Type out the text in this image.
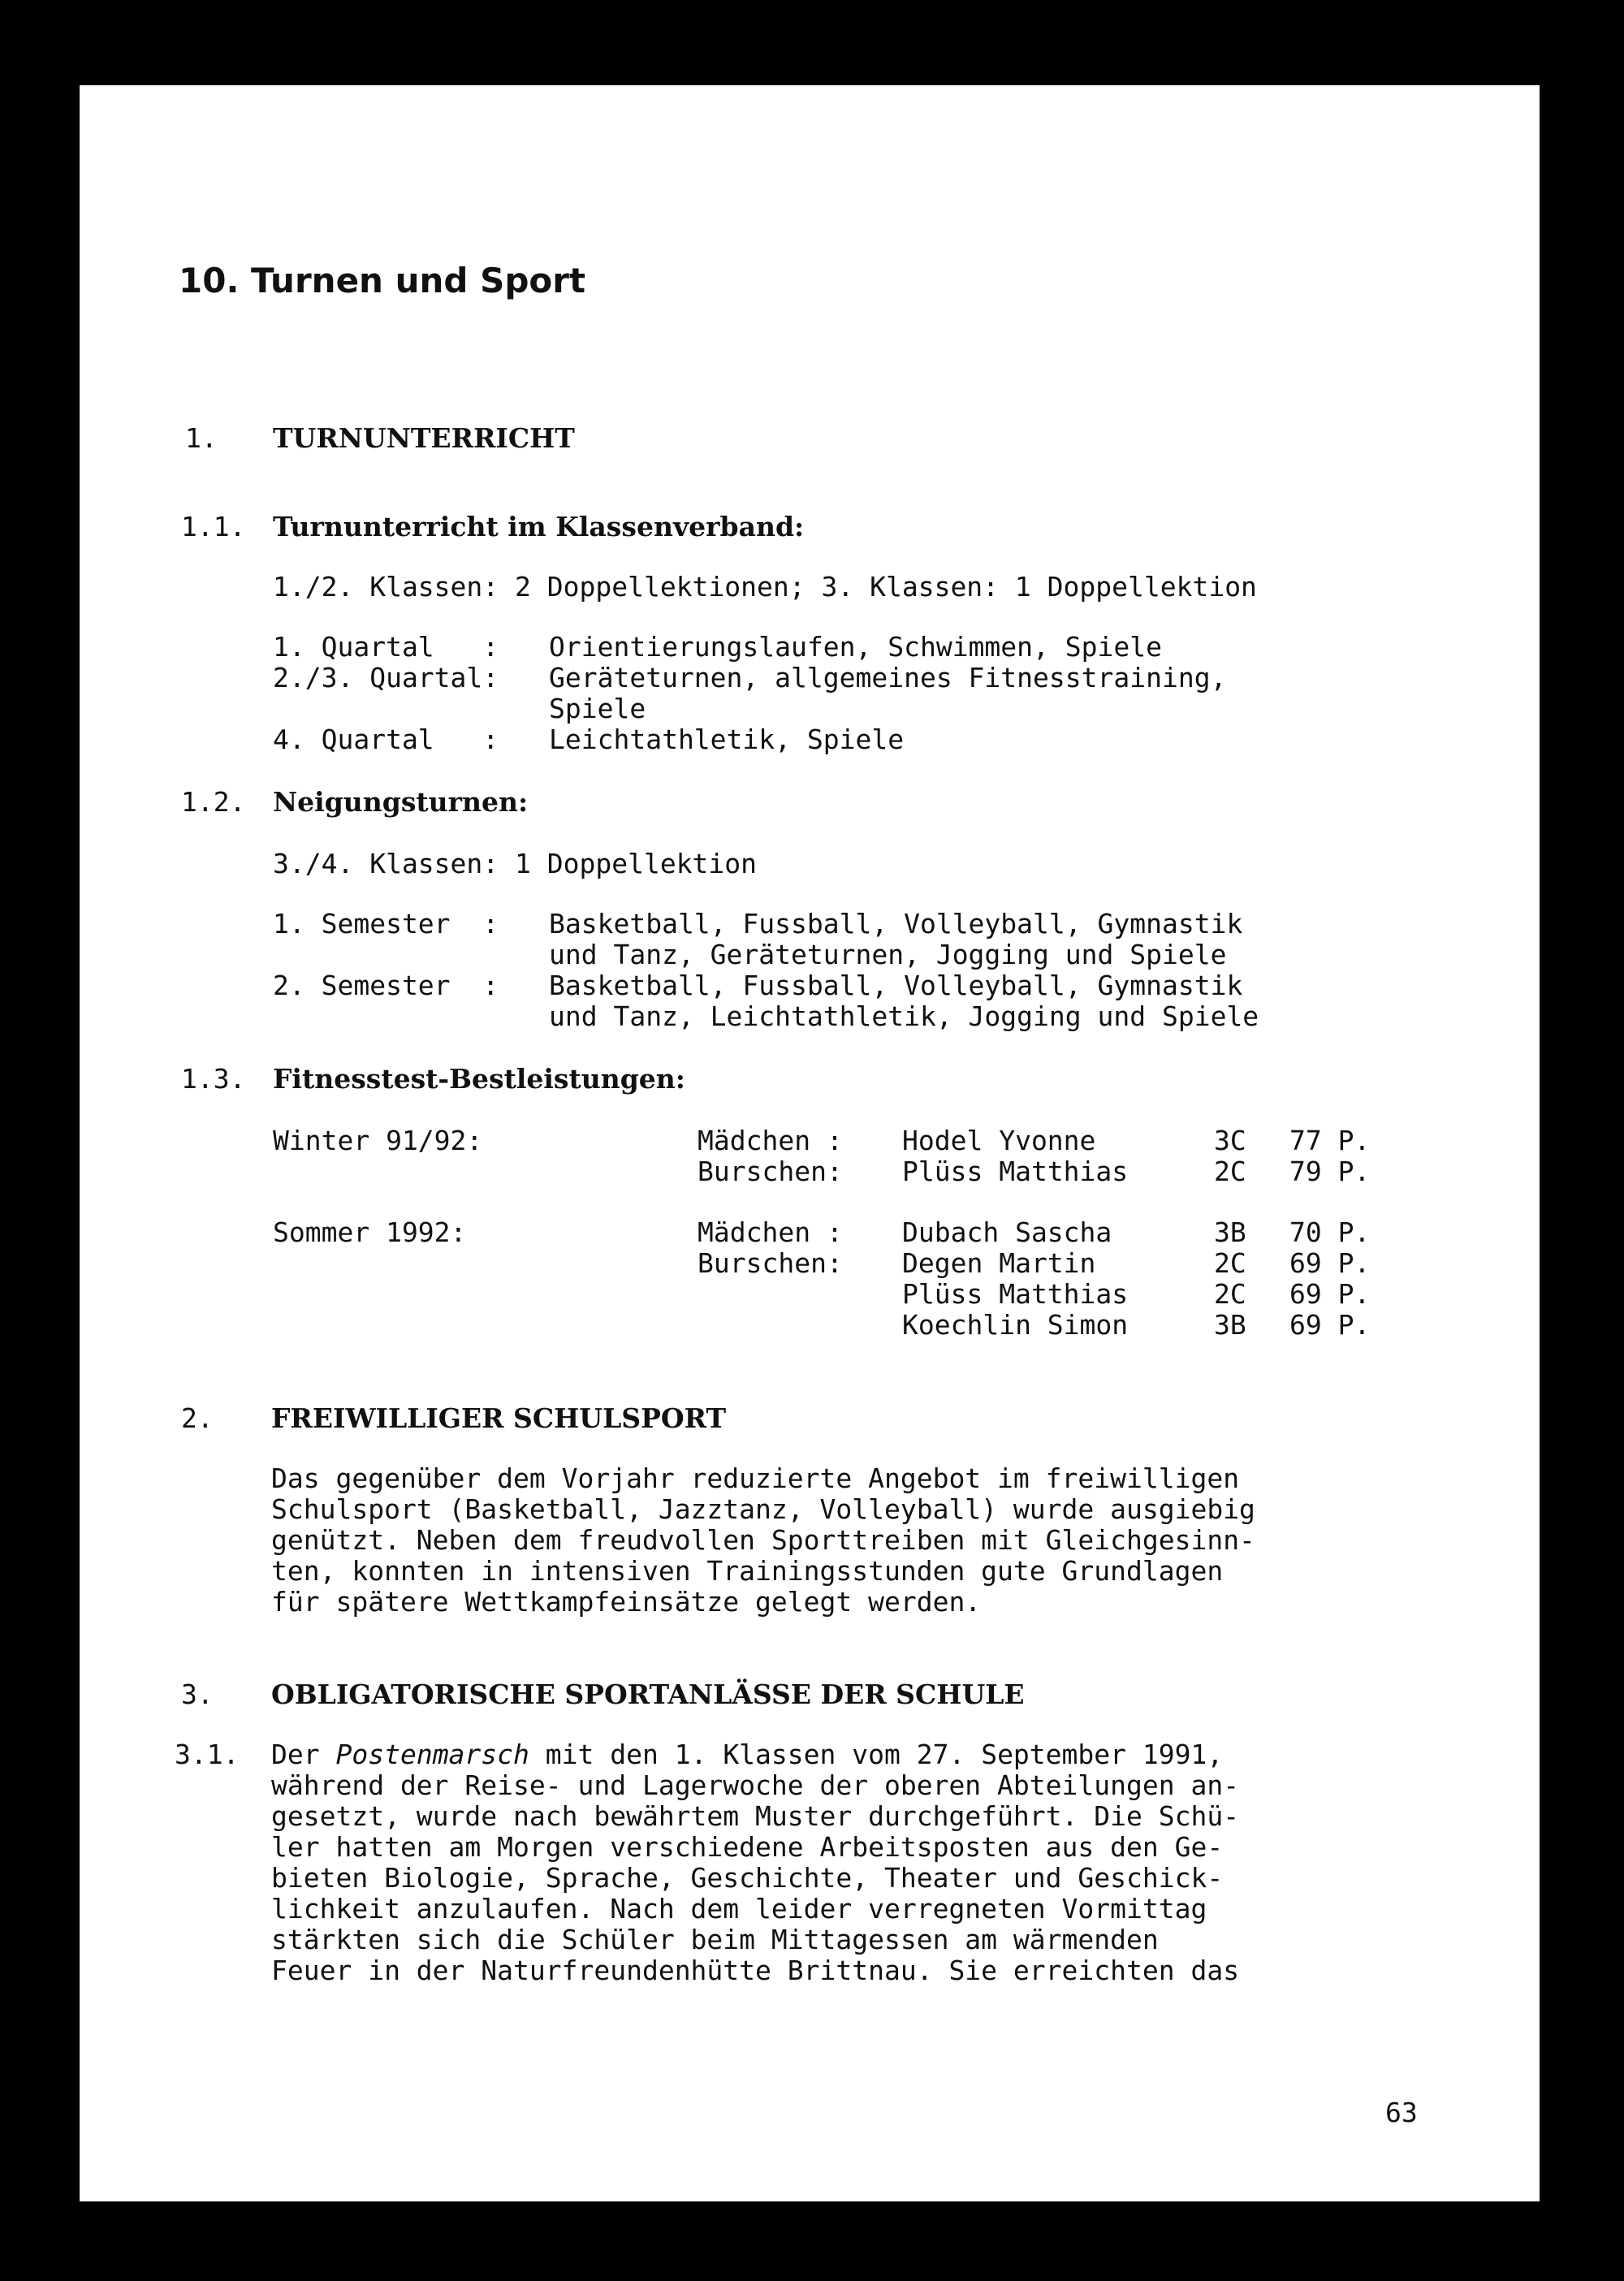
10. Turnen und Sport
1. TURNUNTERRICHT
1.1. Turnunterricht im Klassenverband:
1./2. Klassen: 2 Doppellektionen; 3. Klassen: 1 Doppellektion
1. Quartal   : Orientierungslaufen, Schwimmen, Spiele
2./3. Quartal: Geräteturnen, allgemeines Fitnesstraining,
Spiele
4. Quartal   : Leichtathletik, Spiele
1.2. Neigungsturnen:
3./4. Klassen: 1 Doppellektion
1. Semester  : Basketball, Fussball, Volleyball, Gymnastik
und Tanz, Geräteturnen, Jogging und Spiele
2. Semester  : Basketball, Fussball, Volleyball, Gymnastik
und Tanz, Leichtathletik, Jogging und Spiele
1.3. Fitnesstest-Bestleistungen:
Winter 91/92:	Mädchen : Hodel Yvonne	3C 77 P.
Burschen: Plüss Matthias	2C 79 P.
Sommer 1992:	Mädchen : Dubach Sascha	3B 70 P.
Burschen: Degen Martin	2C 69 P.
Plüss Matthias	2C 69 P.
Koechlin Simon	3B 69 P.
2. FREIWILLIGER SCHULSPORT
Das gegenüber dem Vorjahr reduzierte Angebot im freiwilligen
Schulsport (Basketball, Jazztanz, Volleyball) wurde ausgiebig
genützt. Neben dem freudvollen Sporttreiben mit Gleichgesinn-
ten, konnten in intensiven Trainingsstunden gute Grundlagen
für spätere Wettkampfeinsätze gelegt werden.
3. OBLIGATORISCHE SPORTANLÄSSE DER SCHULE
3.1. Der Postenmarsch mit den 1. Klassen vom 27. September 1991,
während der Reise- und Lagerwoche der oberen Abteilungen an-
gesetzt, wurde nach bewährtem Muster durchgeführt. Die Schü-
ler hatten am Morgen verschiedene Arbeitsposten aus den Ge-
bieten Biologie, Sprache, Geschichte, Theater und Geschick-
lichkeit anzulaufen. Nach dem leider verregneten Vormittag
stärkten sich die Schüler beim Mittagessen am wärmenden
Feuer in der Naturfreundenhütte Brittnau. Sie erreichten das
63
